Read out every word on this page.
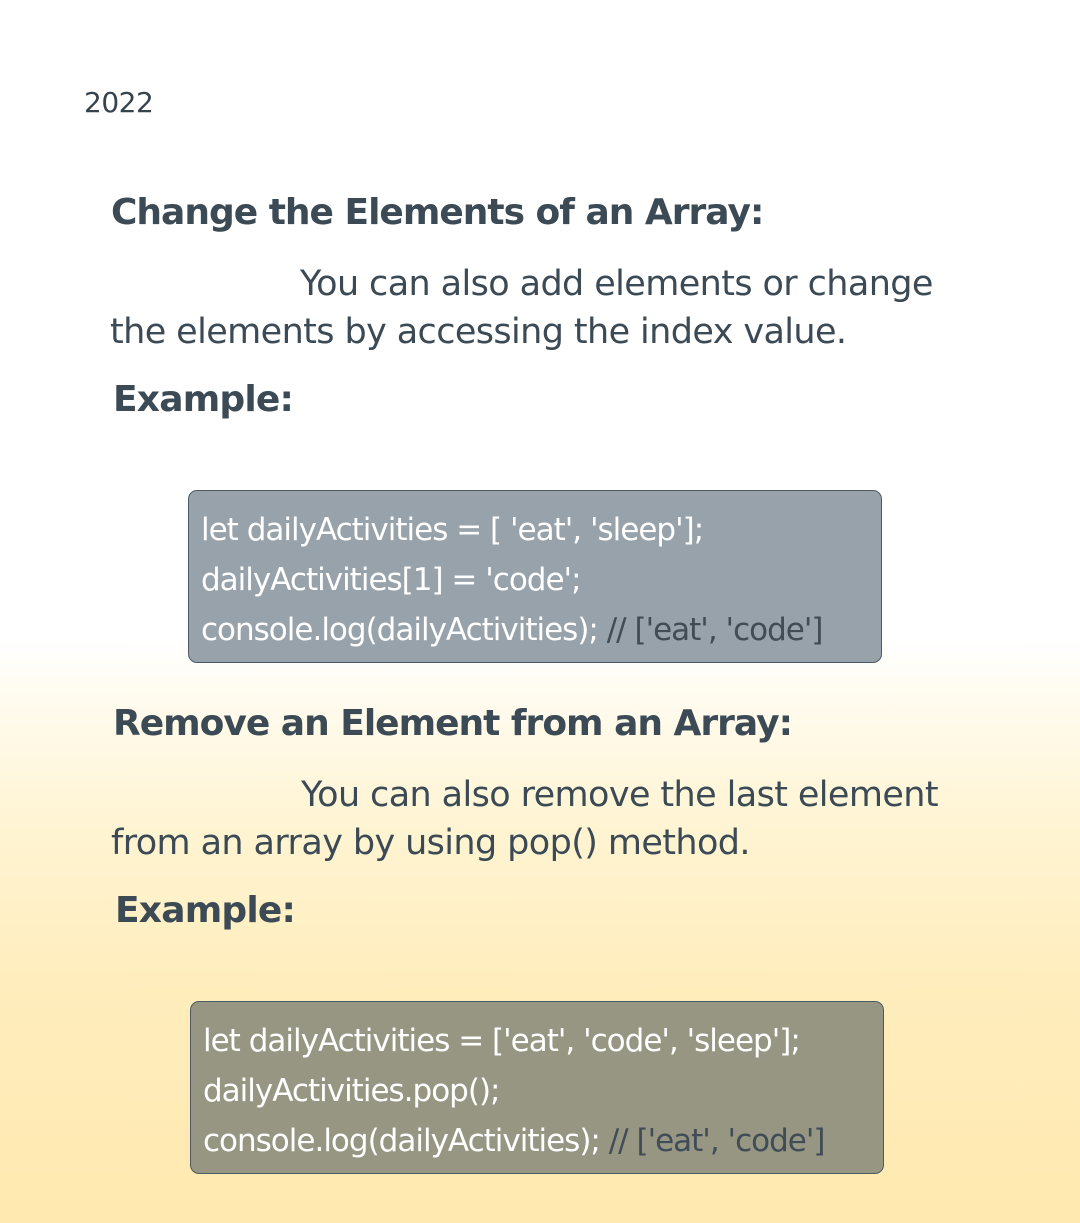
2022
Change the Elements of an Array:
You can also add elements or change
the elements by accessing the index value.
Example:
let dailyActivities = [ 'eat', 'sleep'];
dailyActivities[1] = 'code';
console.log(dailyActivities); // ['eat', 'code']
Remove an Element from an Array:
You can also remove the last element
from an array by using pop() method.
Example:
let dailyActivities = ['eat', 'code', 'sleep'];
dailyActivities.pop();
console.log(dailyActivities); // ['eat', 'code']
